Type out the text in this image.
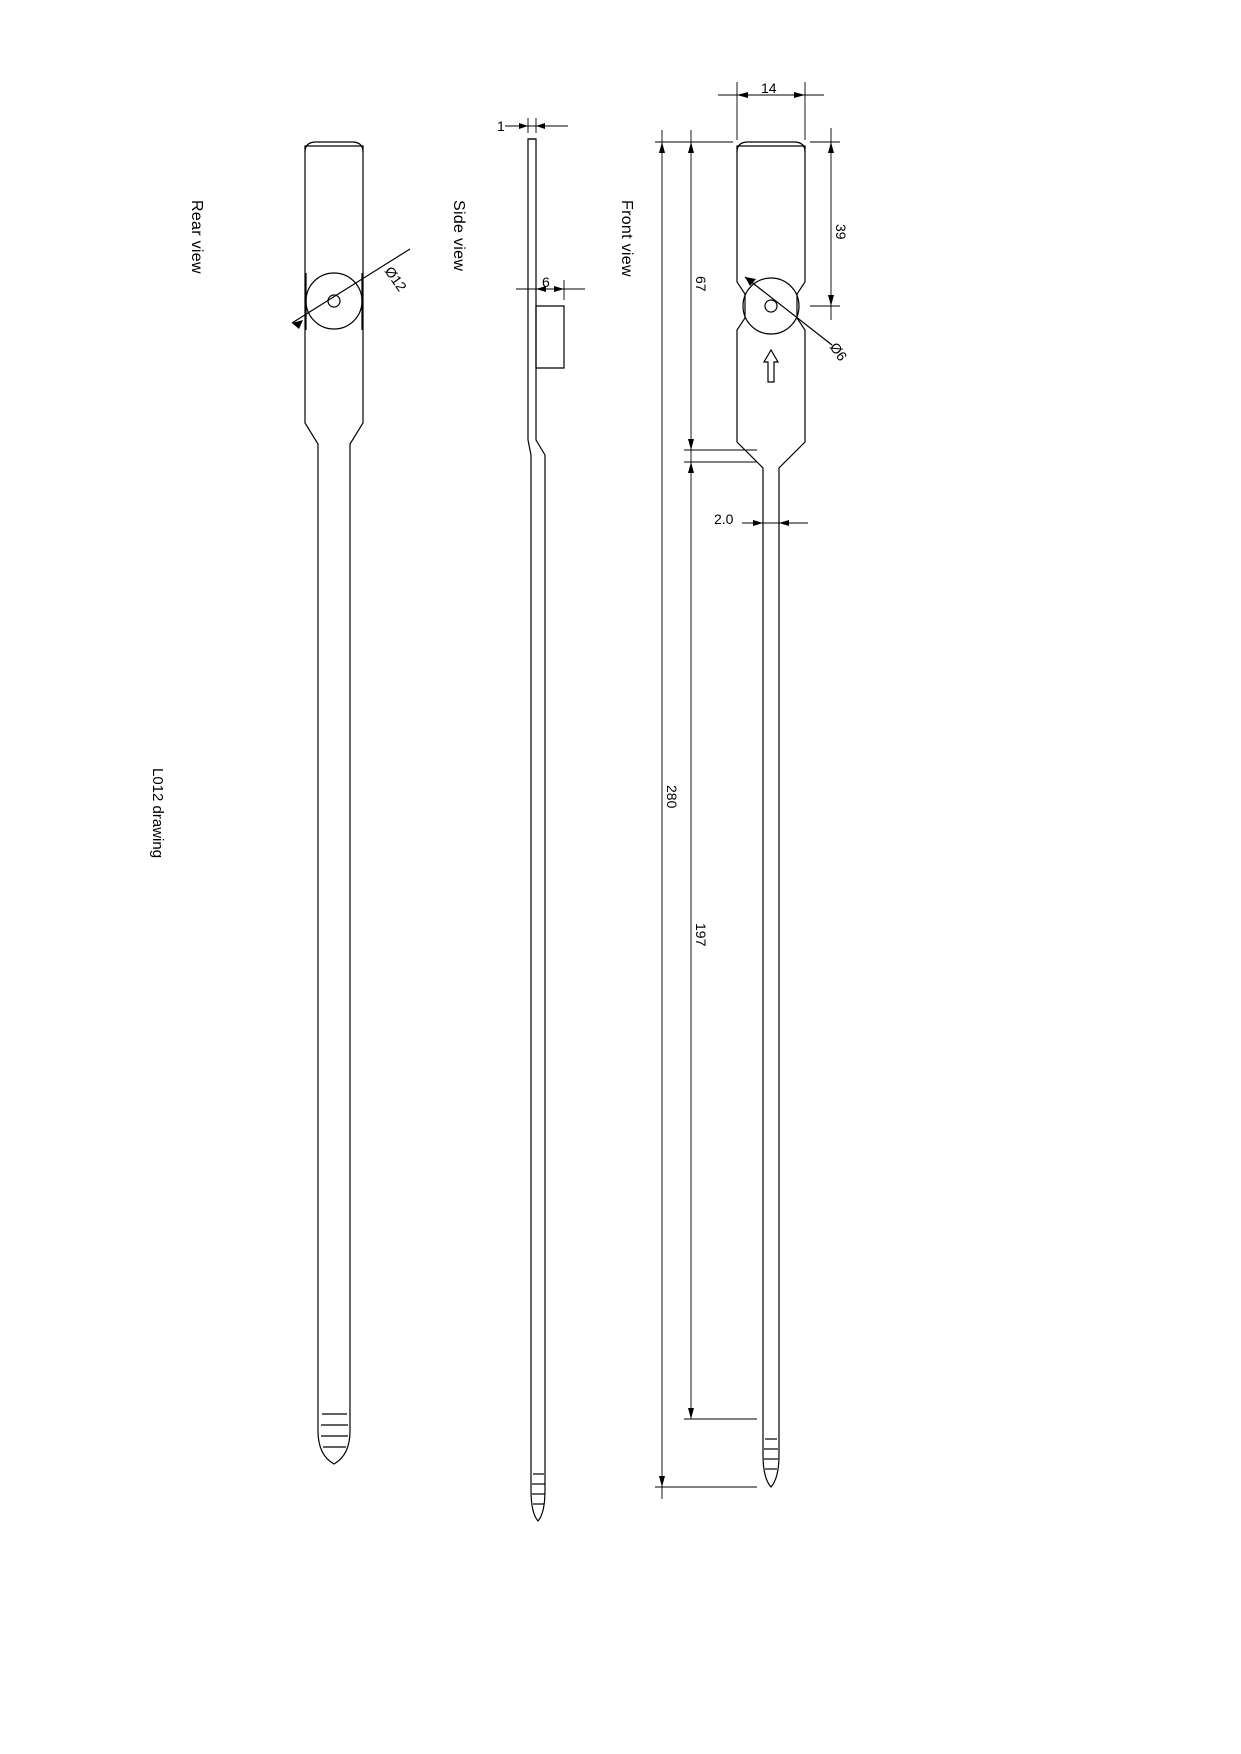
Rear view	Side view	Front view
L012 drawing
Ø12
1
6
14
39
Ø6
67
2.0
280
197
